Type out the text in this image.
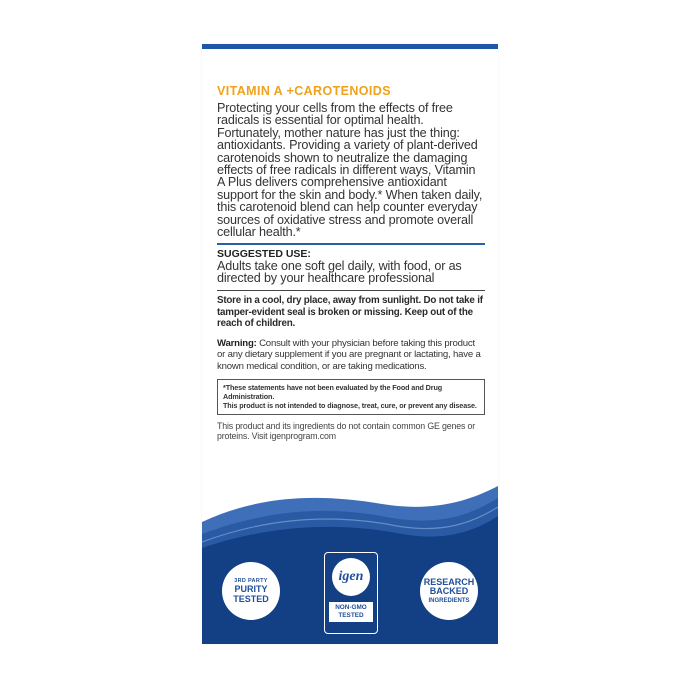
VITAMIN A +CAROTENOIDS

Protecting your cells from the effects of free radicals is essential for optimal health. Fortunately, mother nature has just the thing: antioxidants. Providing a variety of plant-derived carotenoids shown to neutralize the damaging effects of free radicals in different ways, Vitamin A Plus delivers comprehensive antioxidant support for the skin and body.* When taken daily, this carotenoid blend can help counter everyday sources of oxidative stress and promote overall cellular health.*

SUGGESTED USE:

Adults take one soft gel daily, with food, or as directed by your healthcare professional

Store in a cool, dry place, away from sunlight. Do not take if tamper-evident seal is broken or missing. Keep out of the reach of children.

Warning: Consult with your physician before taking this product or any dietary supplement if you are pregnant or lactating, have a known medical condition, or are taking medications.

*These statements have not been evaluated by the Food and Drug Administration.
This product is not intended to diagnose, treat, cure, or prevent any disease.

This product and its ingredients do not contain common GE genes or proteins. Visit igenprogram.com

3RD PARTY
PURITY
TESTED
igen
NON-GMO
TESTED
RESEARCH
BACKED
INGREDIENTS
